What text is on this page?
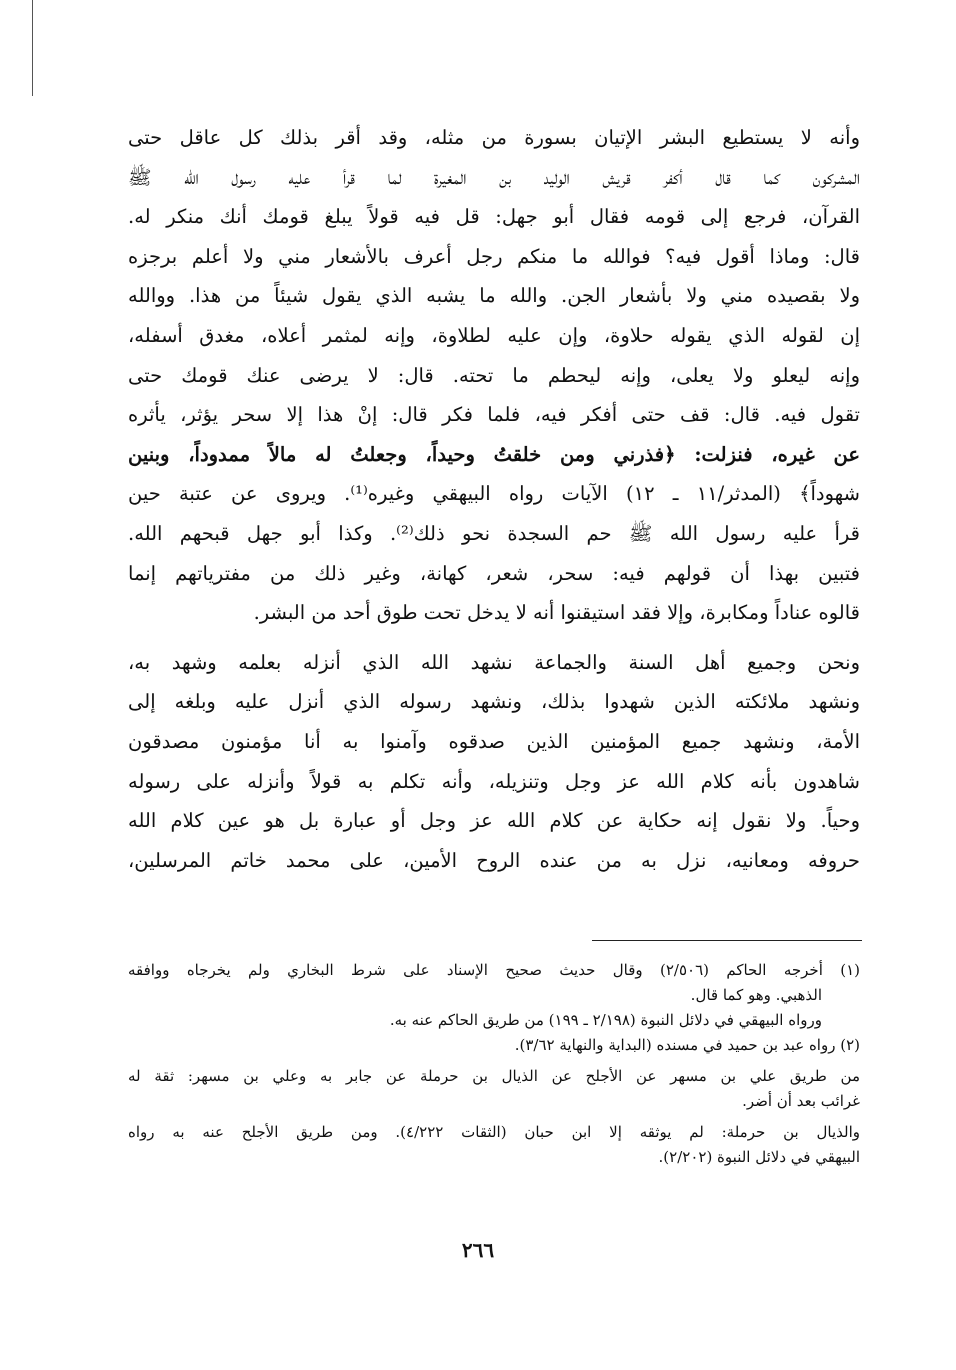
وأنه لا يستطيع البشر الإتيان بسورة من مثله، وقد أقر بذلك كل عاقل حتى
المشركون كما قال أكفر قريش الوليد بن المغيرة لما قرأ عليه رسول الله ﷺ
القرآن، فرجع إلى قومه فقال أبو جهل: قل فيه قولاً يبلغ قومك أنك منكر له.
قال: وماذا أقول فيه؟ فوالله ما منكم رجل أعرف بالأشعار مني ولا أعلم برجزه
ولا بقصيده مني ولا بأشعار الجن. والله ما يشبه الذي يقول شيئاً من هذا. ووالله
إن لقوله الذي يقوله حلاوة، وإن عليه لطلاوة، وإنه لمثمر أعلاه، مغدق أسفله،
وإنه ليعلو ولا يعلى، وإنه ليحطم ما تحته. قال: لا يرضى عنك قومك حتى
تقول فيه. قال: قف حتى أفكر فيه، فلما فكر قال: إنْ هذا إلا سحر يؤثر، يأثره
عن غيره، فنزلت: ﴿فذرني ومن خلقتُ وحيداً، وجعلتُ له مالاً ممدوداً، وبنين
شهوداً﴾ (المدثر/١١ ـ ١٢) الآيات رواه البيهقي وغيره⁽¹⁾. ويروى عن عتبة حين
قرأ عليه رسول الله ﷺ حم السجدة نحو ذلك⁽²⁾. وكذا أبو جهل قبحهم الله.
فتبين بهذا أن قولهم فيه: سحر، شعر، كهانة، وغير ذلك من مفترياتهم إنما
قالوه عناداً ومكابرة، وإلا فقد استيقنوا أنه لا يدخل تحت طوق أحد من البشر.
ونحن وجميع أهل السنة والجماعة نشهد الله الذي أنزله بعلمه وشهد به،
ونشهد ملائكته الذين شهدوا بذلك، ونشهد رسوله الذي أنزل عليه وبلغه إلى
الأمة، ونشهد جميع المؤمنين الذين صدقوه وآمنوا به أنا مؤمنون مصدقون
شاهدون بأنه كلام الله عز وجل وتنزيله، وأنه تكلم به قولاً وأنزله على رسوله
وحياً. ولا نقول إنه حكاية عن كلام الله عز وجل أو عبارة بل هو عين كلام الله
حروفه ومعانيه، نزل به من عنده الروح الأمين، على محمد خاتم المرسلين،
(١) أخرجه الحاكم (٢/٥٠٦) وقال حديث صحيح الإسناد على شرط البخاري ولم يخرجاه ووافقه
الذهبي. وهو كما قال.
ورواه البيهقي في دلائل النبوة (٢/١٩٨ ـ ١٩٩) من طريق الحاكم عنه به.
(٢) رواه عبد بن حميد في مسنده (البداية والنهاية ٣/٦٢).
من طريق علي بن مسهر عن الأجلح عن الذيال بن حرملة عن جابر به وعلي بن مسهر: ثقة له
غرائب بعد أن أضر.
والذيال بن حرملة: لم يوثقه إلا ابن حبان (الثقات ٤/٢٢٢). ومن طريق الأجلح عنه به رواه
البيهقي في دلائل النبوة (٢/٢٠٢).
٢٦٦
